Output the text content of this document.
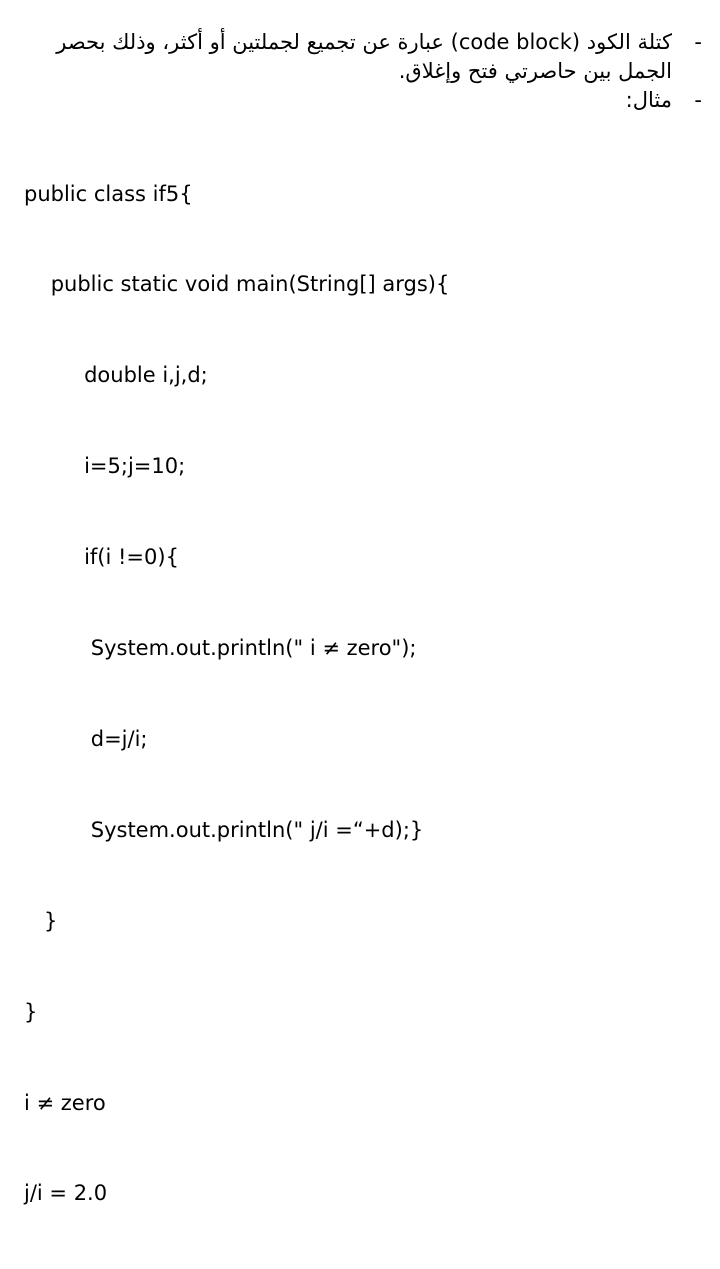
-
كتلة الكود (code block) عبارة عن تجميع لجملتين أو أكثر، وذلك بحصر الجمل بين حاصرتي فتح وإغلاق.
-
مثال:

public class if5{

public static void main(String[] args){

double i,j,d;

i=5;j=10;

if(i !=0){

System.out.println(" i ≠ zero");

d=j/i;

System.out.println(" j/i =“+d);}

}

}

i ≠ zero

j/i = 2.0
